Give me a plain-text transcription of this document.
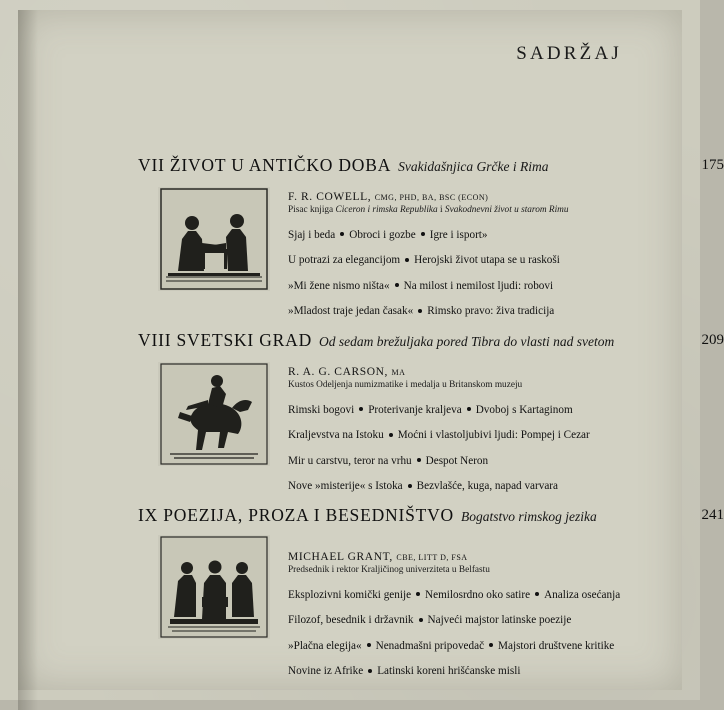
SADRŽAJ
VII ŽIVOT U ANTIČKO DOBA Svakidašnjica Grčke i Rima	175
F. R. COWELL, CMG, PHD, BA, BSC (ECON)
Pisac knjiga Ciceron i rimska Republika i Svakodnevni život u starom Rimu
Sjaj i beda Obroci i gozbe Igre i isport»
U potrazi za elegancijom Herojski život utapa se u raskoši
»Mi žene nismo ništa« Na milost i nemilost ljudi: robovi
»Mladost traje jedan časak« Rimsko pravo: živa tradicija
VIII SVETSKI GRAD Od sedam brežuljaka pored Tibra do vlasti nad svetom	209
R. A. G. CARSON, MA
Kustos Odeljenja numizmatike i medalja u Britanskom muzeju
Rimski bogovi Proterivanje kraljeva Dvoboj s Kartaginom
Kraljevstva na Istoku Moćni i vlastoljubivi ljudi: Pompej i Cezar
Mir u carstvu, teror na vrhu Despot Neron
Nove »misterije« s Istoka Bezvlašće, kuga, napad varvara
IX POEZIJA, PROZA I BESEDNIŠTVO Bogatstvo rimskog jezika	241
MICHAEL GRANT, CBE, LITT D, FSA
Predsednik i rektor Kraljičinog univerziteta u Belfastu
Eksplozivni komički genije Nemilosrdno oko satire Analiza osećanja
Filozof, besednik i državnik Najveći majstor latinske poezije
»Plačna elegija« Nenadmašni pripovedač Majstori društvene kritike
Novine iz Afrike Latinski koreni hrišćanske misli
